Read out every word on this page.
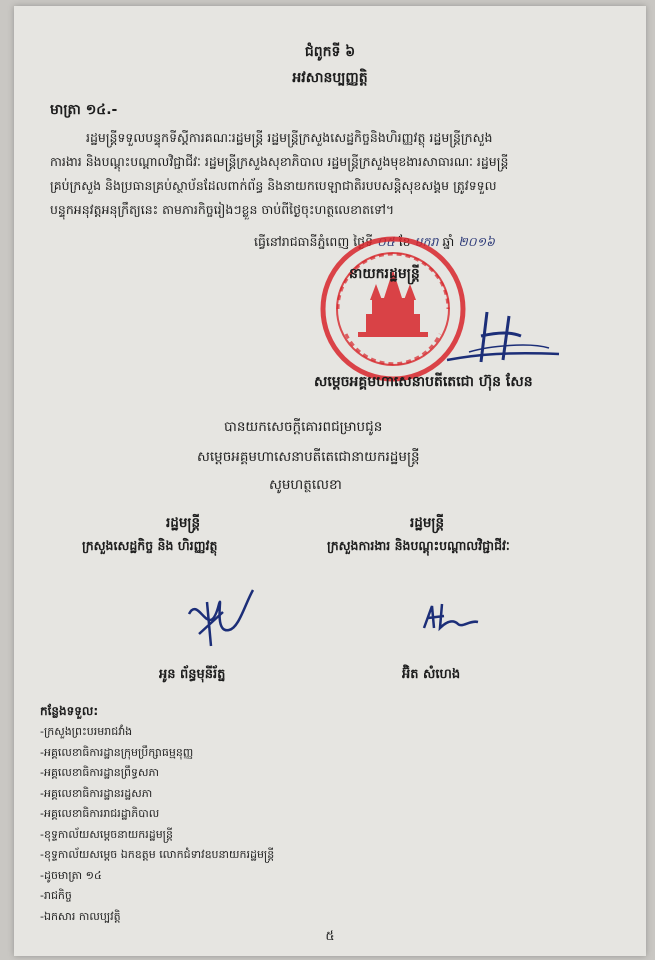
ជំពូកទី ៦
អវសានប្បញ្ញត្តិ
មាត្រា ១៤.-
រដ្ឋមន្ត្រីទទួលបន្ទុកទីស្តីការគណៈរដ្ឋមន្ត្រី រដ្ឋមន្ត្រីក្រសួងសេដ្ឋកិច្ចនិងហិរញ្ញវត្ថុ រដ្ឋមន្ត្រីក្រសួង
ការងារ និងបណ្តុះបណ្តាលវិជ្ជាជីវៈ រដ្ឋមន្ត្រីក្រសួងសុខាភិបាល រដ្ឋមន្ត្រីក្រសួងមុខងារសាធារណៈ រដ្ឋមន្ត្រី
គ្រប់ក្រសួង និងប្រធានគ្រប់ស្ថាប័នដែលពាក់ព័ន្ធ និងនាយកបេឡាជាតិរបបសន្តិសុខសង្គម ត្រូវទទួល
បន្ទុកអនុវត្តអនុក្រឹត្យនេះ តាមភារកិច្ចរៀងៗខ្លួន ចាប់ពីថ្ងៃចុះហត្ថលេខាតទៅ។
ធ្វើនៅរាជធានីភ្នំពេញ ថ្ងៃទី ០៥ ខែ មករា ឆ្នាំ ២០១៦
នាយករដ្ឋមន្ត្រី
សម្តេចអគ្គមហាសេនាបតីតេជោ ហ៊ុន សែន
បានយកសេចក្តីគោរពជម្រាបជូន
សម្តេចអគ្គមហាសេនាបតីតេជោនាយករដ្ឋមន្ត្រី
សូមហត្ថលេខា
រដ្ឋមន្ត្រី
ក្រសួងសេដ្ឋកិច្ច និង ហិរញ្ញវត្ថុ
រដ្ឋមន្ត្រី
ក្រសួងការងារ និងបណ្តុះបណ្តាលវិជ្ជាជីវៈ
អូន ព័ន្ធមុនីរ័ត្ន	អ៊ិត សំហេង
កន្លែងទទួល:
-ក្រសួងព្រះបរមរាជវាំង
-អគ្គលេខាធិការដ្ឋានក្រុមប្រឹក្សាធម្មនុញ្ញ
-អគ្គលេខាធិការដ្ឋានព្រឹទ្ធសភា
-អគ្គលេខាធិការដ្ឋានរដ្ឋសភា
-អគ្គលេខាធិការរាជរដ្ឋាភិបាល
-ខុទ្ទកាល័យសម្តេចនាយករដ្ឋមន្ត្រី
-ខុទ្ទកាល័យសម្តេច ឯកឧត្តម លោកជំទាវឧបនាយករដ្ឋមន្ត្រី
-ដូចមាត្រា ១៤
-រាជកិច្ច
-ឯកសារ កាលប្បវត្តិ
៥
